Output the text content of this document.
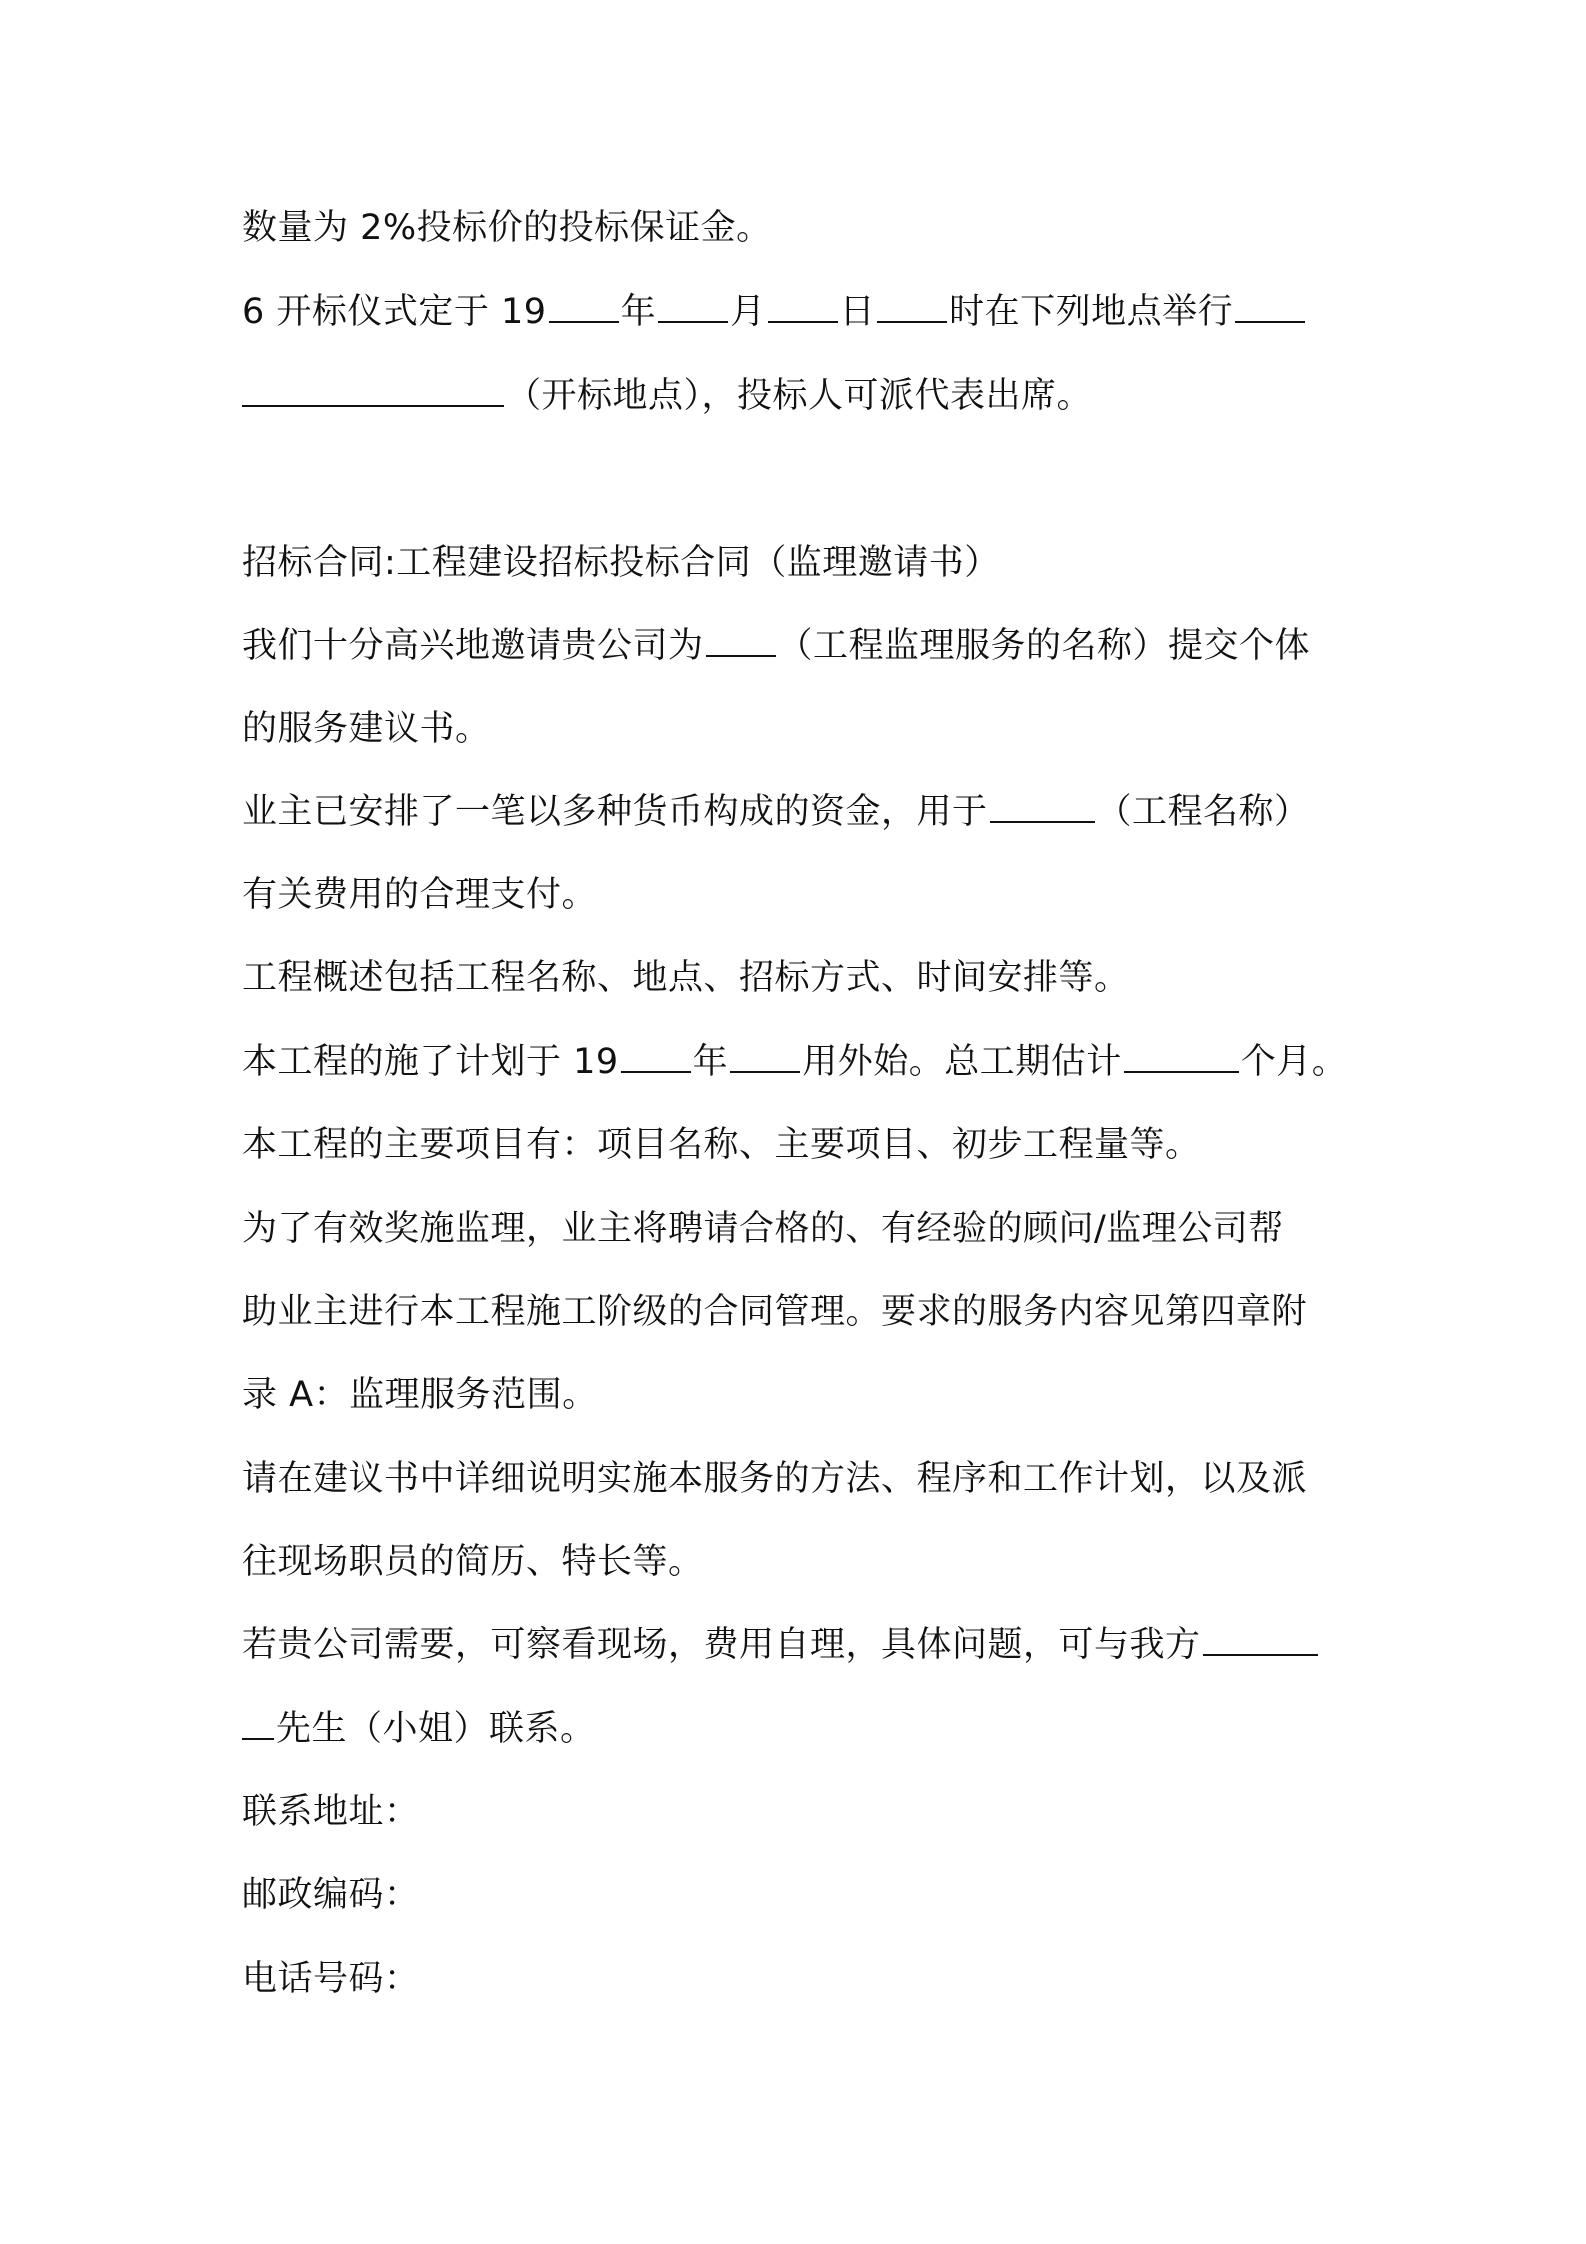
数量为 2%投标价的投标保证金。

6 开标仪式定于 19 年 月 日 时在下列地点举行

（开标地点），投标人可派代表出席。

招标合同:工程建设招标投标合同（监理邀请书）

我们十分高兴地邀请贵公司为 （工程监理服务的名称）提交个体

的服务建议书。

业主已安排了一笔以多种货币构成的资金，用于	（工程名称）

有关费用的合理支付。

工程概述包括工程名称、地点、招标方式、时间安排等。

本工程的施了计划于 19 年 用外始。总工期估计	个月。

本工程的主要项目有：项目名称、主要项目、初步工程量等。

为了有效奖施监理，业主将聘请合格的、有经验的顾问/监理公司帮

助业主进行本工程施工阶级的合同管理。要求的服务内容见第四章附

录 A：监理服务范围。

请在建议书中详细说明实施本服务的方法、程序和工作计划，以及派

往现场职员的简历、特长等。

若贵公司需要，可察看现场，费用自理，具体问题，可与我方

先生（小姐）联系。

联系地址：

邮政编码：

电话号码：
